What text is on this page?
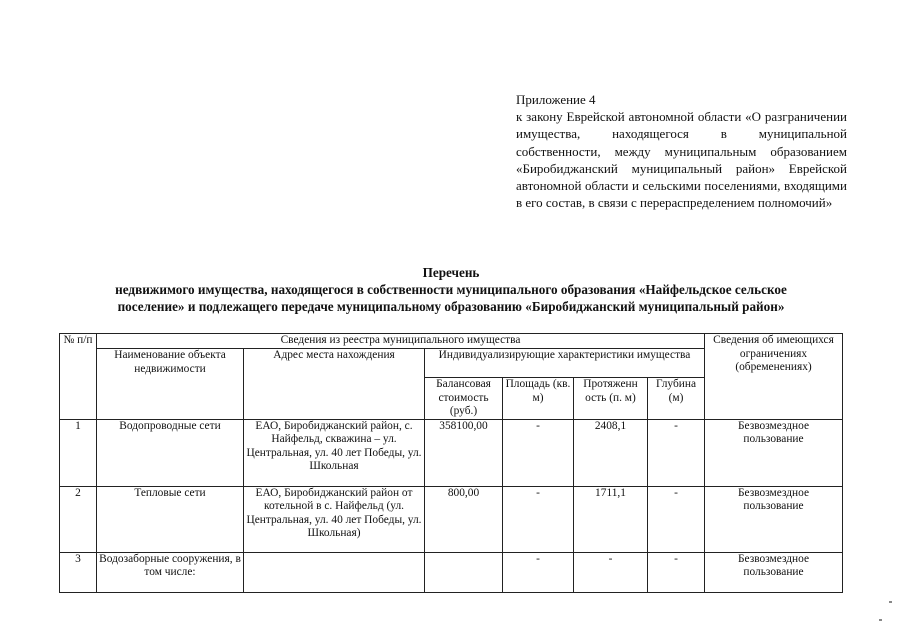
Приложение 4
к закону Еврейской автономной области «О разграничении имущества, находящегося в муниципальной собственности, между муниципальным образованием «Биробиджанский муниципальный район» Еврейской автономной области и сельскими поселениями, входящими в его состав, в связи с перераспределением полномочий»
Перечень
недвижимого имущества, находящегося в собственности муниципального образования «Найфельдское сельское
поселение» и подлежащего передаче муниципальному образованию «Биробиджанский муниципальный район»
№ п/п	Сведения из реестра муниципального имущества						Сведения об имеющихся ограничениях (обременениях)
	Наименование объекта недвижимости	Адрес места нахождения	Индивидуализирующие характеристики имущества				
			Балансовая стоимость (руб.)	Площадь (кв. м)	Протяженн ость (п. м)	Глубина (м)	
1	Водопроводные сети	ЕАО, Биробиджанский район, с. Найфельд, скважина – ул. Центральная, ул. 40 лет Победы, ул. Школьная	358100,00	-	2408,1	-	Безвозмездное пользование
2	Тепловые сети	ЕАО, Биробиджанский район от котельной в с. Найфельд (ул. Центральная, ул. 40 лет Победы, ул. Школьная)	800,00	-	1711,1	-	Безвозмездное пользование
3	Водозаборные сооружения, в том числе:			-	-	-	Безвозмездное пользование
